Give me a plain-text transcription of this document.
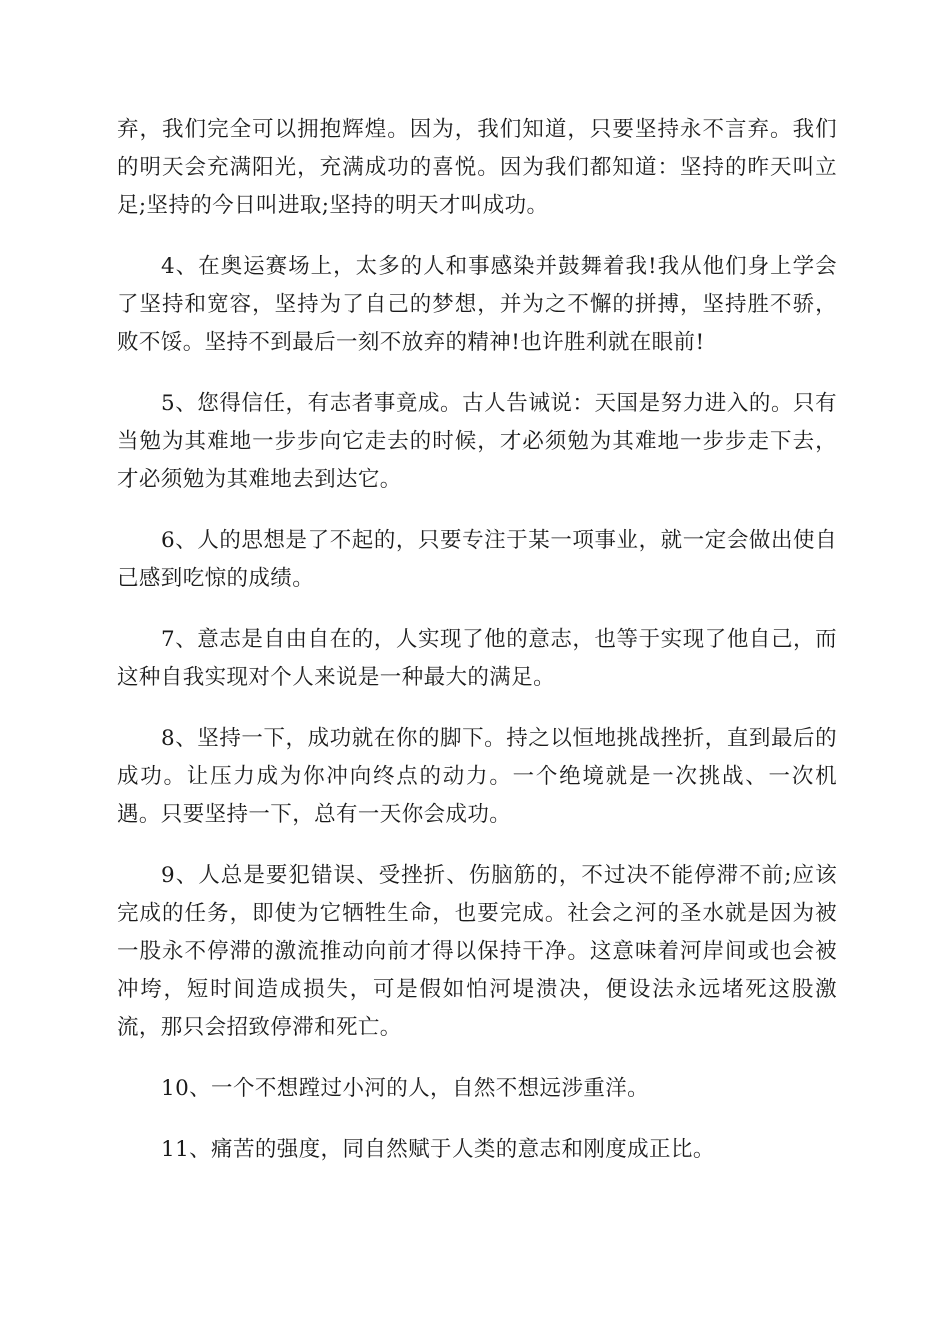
弃，我们完全可以拥抱辉煌。因为，我们知道，只要坚持永不言弃。我们的明天会充满阳光，充满成功的喜悦。因为我们都知道：坚持的昨天叫立足;坚持的今日叫进取;坚持的明天才叫成功。

4、在奥运赛场上，太多的人和事感染并鼓舞着我!我从他们身上学会了坚持和宽容，坚持为了自己的梦想，并为之不懈的拼搏，坚持胜不骄，败不馁。坚持不到最后一刻不放弃的精神!也许胜利就在眼前!

5、您得信任，有志者事竟成。古人告诫说：天国是努力进入的。只有当勉为其难地一步步向它走去的时候，才必须勉为其难地一步步走下去，才必须勉为其难地去到达它。

6、人的思想是了不起的，只要专注于某一项事业，就一定会做出使自己感到吃惊的成绩。

7、意志是自由自在的，人实现了他的意志，也等于实现了他自己，而这种自我实现对个人来说是一种最大的满足。

8、坚持一下，成功就在你的脚下。持之以恒地挑战挫折，直到最后的成功。让压力成为你冲向终点的动力。一个绝境就是一次挑战、一次机遇。只要坚持一下，总有一天你会成功。

9、人总是要犯错误、受挫折、伤脑筋的，不过决不能停滞不前;应该完成的任务，即使为它牺牲生命，也要完成。社会之河的圣水就是因为被一股永不停滞的激流推动向前才得以保持干净。这意味着河岸间或也会被冲垮，短时间造成损失，可是假如怕河堤溃决，便设法永远堵死这股激流，那只会招致停滞和死亡。

10、一个不想蹚过小河的人，自然不想远涉重洋。

11、痛苦的强度，同自然赋于人类的意志和刚度成正比。
